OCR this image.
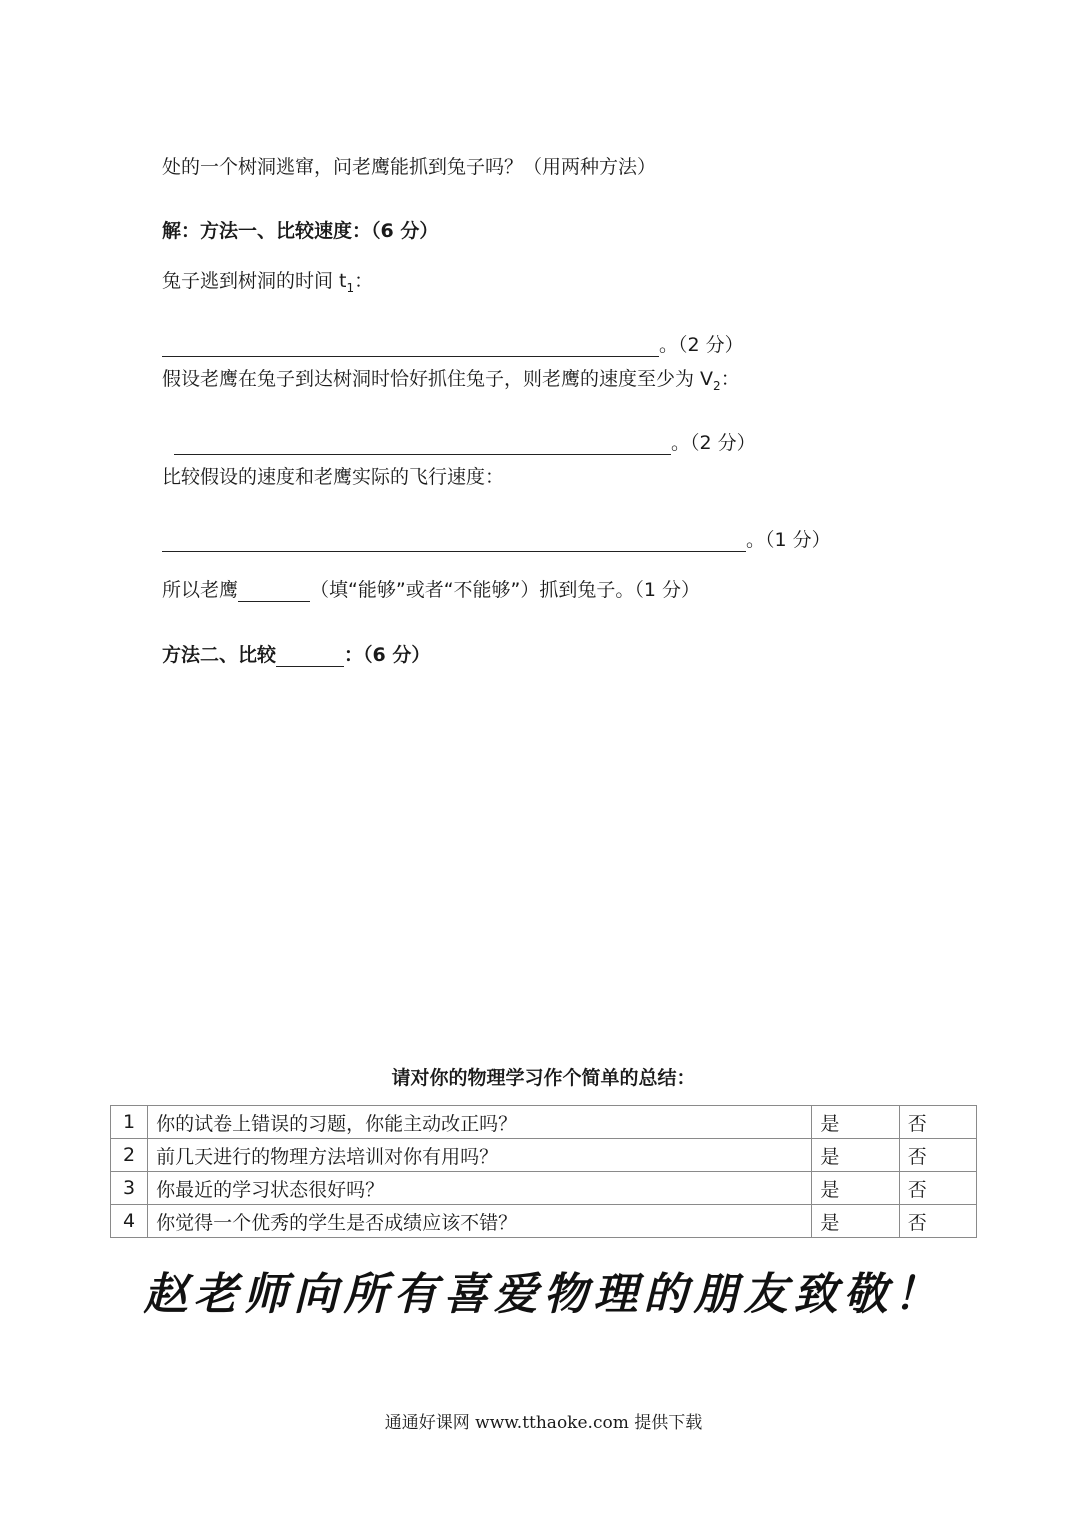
处的一个树洞逃窜，问老鹰能抓到兔子吗？（用两种方法）
解：方法一、比较速度：（6 分）
兔子逃到树洞的时间 $t_1$：
。（2 分）
假设老鹰在兔子到达树洞时恰好抓住兔子，则老鹰的速度至少为 $V_2$：
。（2 分）
比较假设的速度和老鹰实际的飞行速度：
。（1 分）
所以老鹰	（填“能够”或者“不能够”）抓到兔子。（1 分）
方法二、比较	：（6 分）
请对你的物理学习作个简单的总结：
1	你的试卷上错误的习题，你能主动改正吗？	是	否
2	前几天进行的物理方法培训对你有用吗？	是	否
3	你最近的学习状态很好吗？	是	否
4	你觉得一个优秀的学生是否成绩应该不错？	是	否
赵老师向所有喜爱物理的朋友致敬！
通通好课网 www.tthaoke.com 提供下载
